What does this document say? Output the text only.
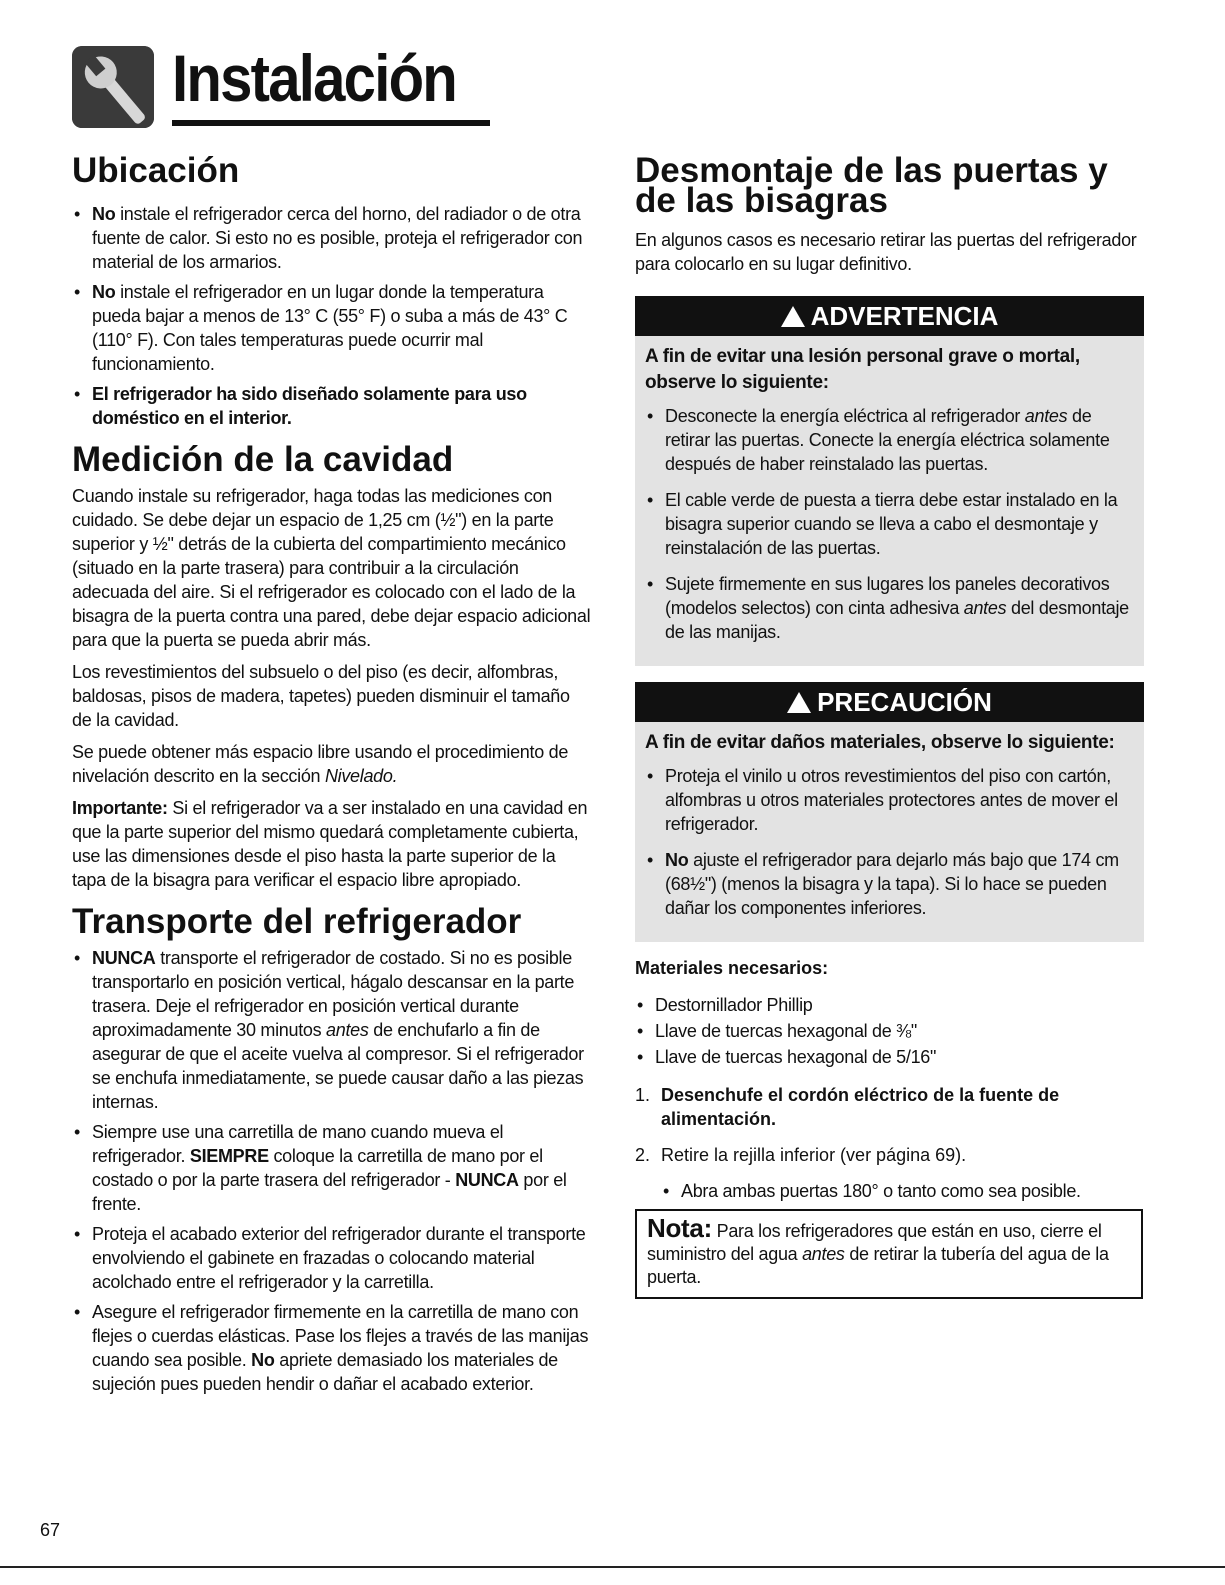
Instalación
Ubicación
• No instale el refrigerador cerca del horno, del radiador o de otra fuente de calor. Si esto no es posible, proteja el refrigerador con material de los armarios.
• No instale el refrigerador en un lugar donde la temperatura pueda bajar a menos de 13° C (55° F) o suba a más de 43° C (110° F). Con tales temperaturas puede ocurrir mal funcionamiento.
• El refrigerador ha sido diseñado solamente para uso doméstico en el interior.
Medición de la cavidad

Cuando instale su refrigerador, haga todas las mediciones con cuidado. Se debe dejar un espacio de 1,25 cm (½") en la parte superior y ½" detrás de la cubierta del compartimiento mecánico (situado en la parte trasera) para contribuir a la circulación adecuada del aire. Si el refrigerador es colocado con el lado de la bisagra de la puerta contra una pared, debe dejar espacio adicional para que la puerta se pueda abrir más.

Los revestimientos del subsuelo o del piso (es decir, alfombras, baldosas, pisos de madera, tapetes) pueden disminuir el tamaño de la cavidad.

Se puede obtener más espacio libre usando el procedimiento de nivelación descrito en la sección Nivelado.

Importante: Si el refrigerador va a ser instalado en una cavidad en que la parte superior del mismo quedará completamente cubierta, use las dimensiones desde el piso hasta la parte superior de la tapa de la bisagra para verificar el espacio libre apropiado.

Transporte del refrigerador
• NUNCA transporte el refrigerador de costado. Si no es posible transportarlo en posición vertical, hágalo descansar en la parte trasera. Deje el refrigerador en posición vertical durante aproximadamente 30 minutos antes de enchufarlo a fin de asegurar de que el aceite vuelva al compresor. Si el refrigerador se enchufa inmediatamente, se puede causar daño a las piezas internas.
• Siempre use una carretilla de mano cuando mueva el refrigerador. SIEMPRE coloque la carretilla de mano por el costado o por la parte trasera del refrigerador - NUNCA por el frente.
• Proteja el acabado exterior del refrigerador durante el transporte envolviendo el gabinete en frazadas o colocando material acolchado entre el refrigerador y la carretilla.
• Asegure el refrigerador firmemente en la carretilla de mano con flejes o cuerdas elásticas. Pase los flejes a través de las manijas cuando sea posible. No apriete demasiado los materiales de sujeción pues pueden hendir o dañar el acabado exterior.
Desmontaje de las puertas y
de las bisagras

En algunos casos es necesario retirar las puertas del refrigerador para colocarlo en su lugar definitivo.

ADVERTENCIA
A fin de evitar una lesión personal grave o mortal, observe lo siguiente:
• Desconecte la energía eléctrica al refrigerador antes de retirar las puertas. Conecte la energía eléctrica solamente después de haber reinstalado las puertas.
• El cable verde de puesta a tierra debe estar instalado en la bisagra superior cuando se lleva a cabo el desmontaje y reinstalación de las puertas.
• Sujete firmemente en sus lugares los paneles decorativos (modelos selectos) con cinta adhesiva antes del desmontaje de las manijas.
PRECAUCIÓN
A fin de evitar daños materiales, observe lo siguiente:
• Proteja el vinilo u otros revestimientos del piso con cartón, alfombras u otros materiales protectores antes de mover el refrigerador.
• No ajuste el refrigerador para dejarlo más bajo que 174 cm (68½") (menos la bisagra y la tapa). Si lo hace se pueden dañar los componentes inferiores.
Materiales necesarios:
• Destornillador Phillip
• Llave de tuercas hexagonal de ⅜"
• Llave de tuercas hexagonal de 5/16"
1. Desenchufe el cordón eléctrico de la fuente de alimentación.
2. Retire la rejilla inferior (ver página 69).
• Abra ambas puertas 180° o tanto como sea posible.
Nota: Para los refrigeradores que están en uso, cierre el suministro del agua antes de retirar la tubería del agua de la puerta.
67
